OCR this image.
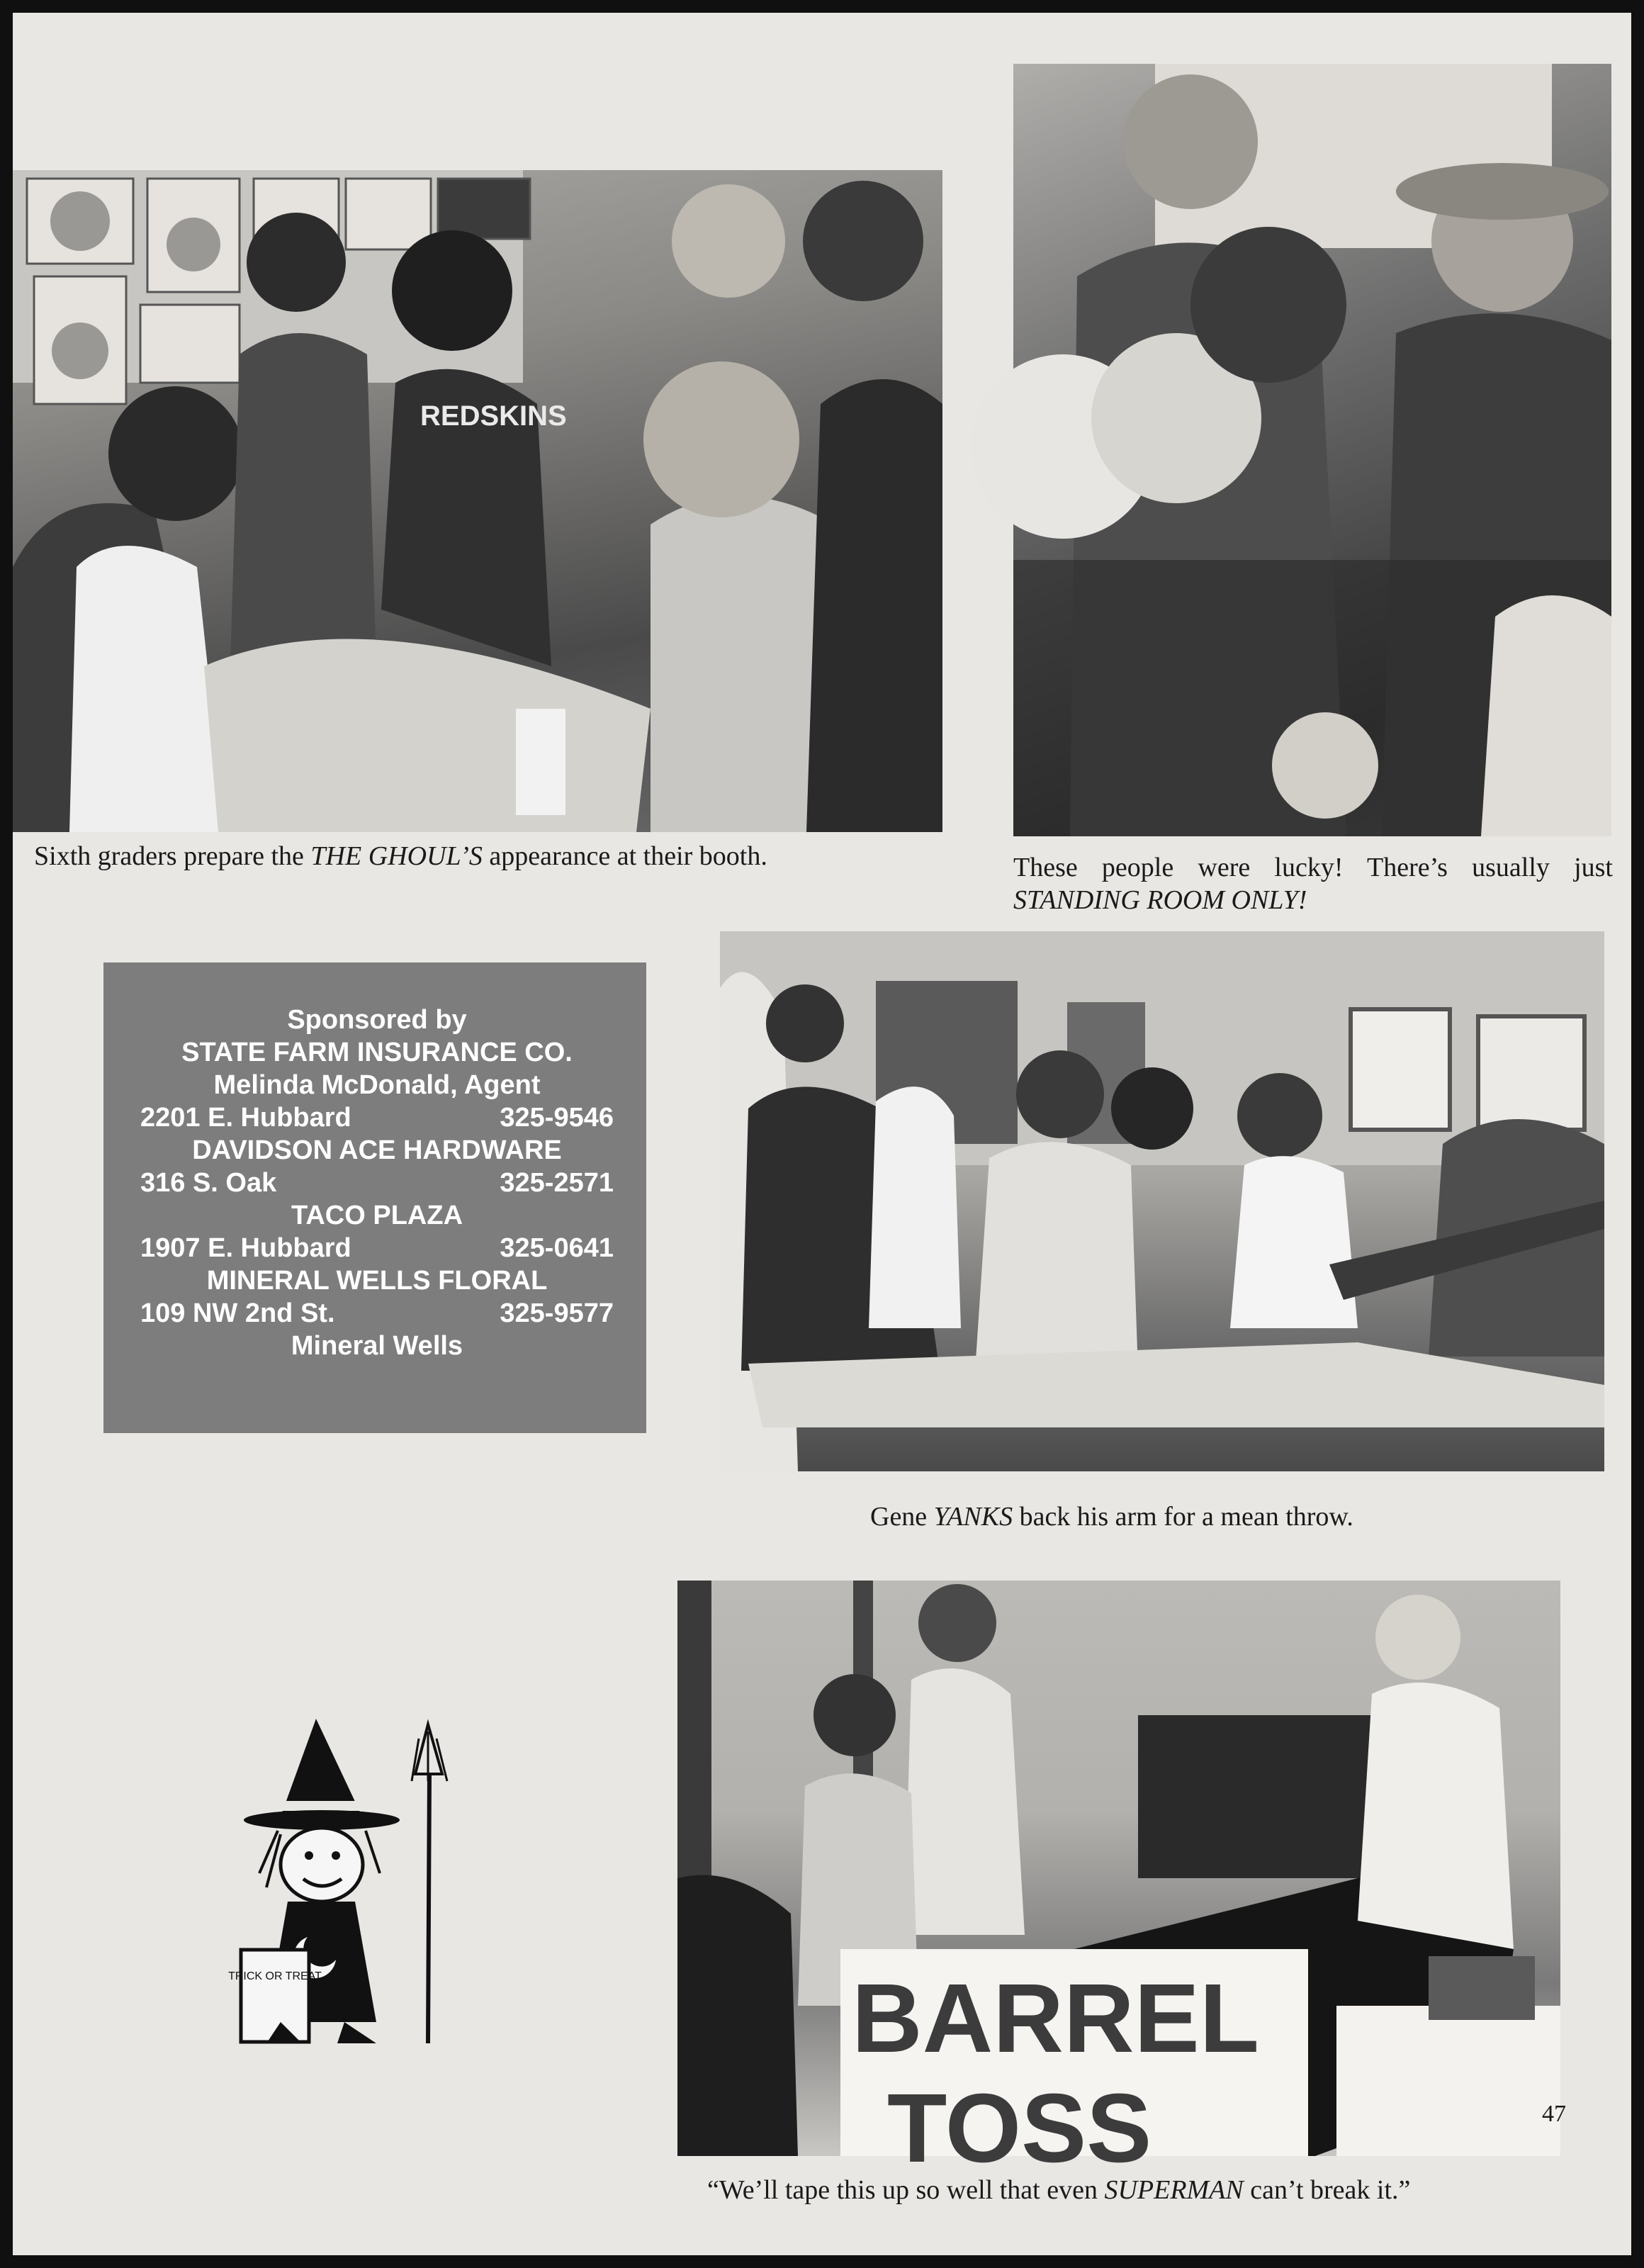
REDSKINS
Sixth graders prepare the THE GHOUL’S appearance at their booth.	These people were lucky! There’s usually just
STANDING ROOM ONLY!
Sponsored by
STATE FARM INSURANCE CO.
Melinda McDonald, Agent
2201 E. Hubbard	325-9546
DAVIDSON ACE HARDWARE
316 S. Oak	325-2571
TACO PLAZA
1907 E. Hubbard	325-0641
MINERAL WELLS FLORAL
109 NW 2nd St.	325-9577
Mineral Wells
Gene YANKS back his arm for a mean throw.
TRICK OR TREAT	BARREL
TOSS
“We’ll tape this up so well that even SUPERMAN can’t break it.”
47
